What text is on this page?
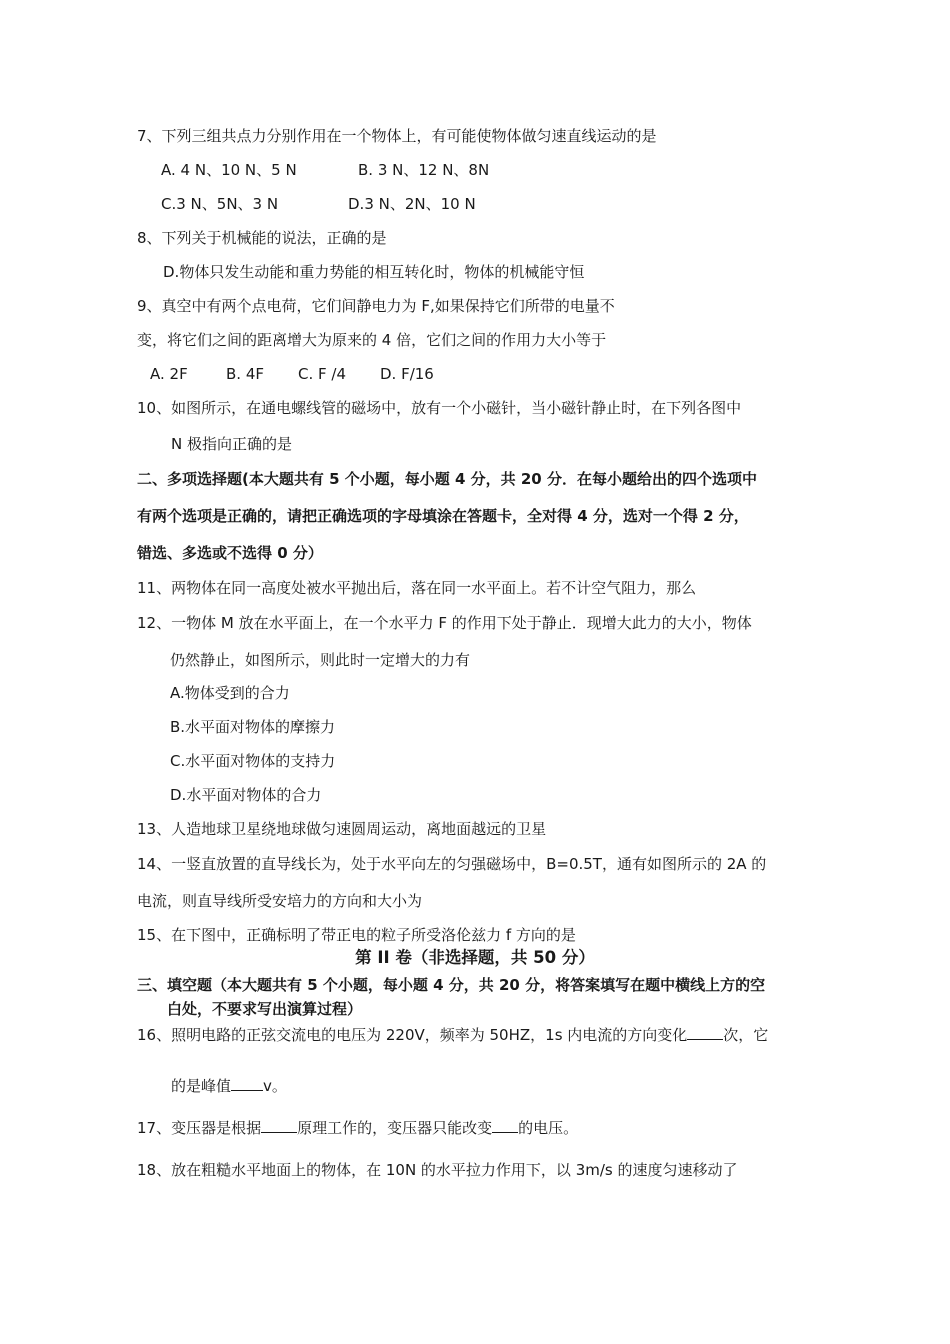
7、下列三组共点力分别作用在一个物体上，有可能使物体做匀速直线运动的是
A. 4 N、10 N、5 N	B. 3 N、12 N、8N
C.3 N、5N、3 N	D.3 N、2N、10 N
8、下列关于机械能的说法，正确的是
D.物体只发生动能和重力势能的相互转化时，物体的机械能守恒
9、真空中有两个点电荷，它们间静电力为 F,如果保持它们所带的电量不
变，将它们之间的距离增大为原来的 4 倍，它们之间的作用力大小等于
A. 2F	B. 4F C. F /4 D. F/16
10、如图所示，在通电螺线管的磁场中，放有一个小磁针，当小磁针静止时，在下列各图中
N 极指向正确的是
二、多项选择题(本大题共有 5 个小题，每小题 4 分，共 20 分．在每小题给出的四个选项中
有两个选项是正确的，请把正确选项的字母填涂在答题卡，全对得 4 分，选对一个得 2 分，
错选、多选或不选得 0 分）
11、两物体在同一高度处被水平抛出后，落在同一水平面上。若不计空气阻力，那么
12、一物体 M 放在水平面上，在一个水平力 F 的作用下处于静止．现增大此力的大小，物体
仍然静止，如图所示，则此时一定增大的力有
A.物体受到的合力
B.水平面对物体的摩擦力
C.水平面对物体的支持力
D.水平面对物体的合力
13、人造地球卫星绕地球做匀速圆周运动，离地面越远的卫星
14、一竖直放置的直导线长为，处于水平向左的匀强磁场中，B=0.5T，通有如图所示的 2A 的
电流，则直导线所受安培力的方向和大小为
15、在下图中，正确标明了带正电的粒子所受洛伦兹力 f 方向的是
第 II 卷（非选择题，共 50 分）
三、填空题（本大题共有 5 个小题，每小题 4 分，共 20 分，将答案填写在题中横线上方的空
白处，不要求写出演算过程）
16、照明电路的正弦交流电的电压为 220V，频率为 50HZ，1s 内电流的方向变化 次，它
的是峰值 v。
17、变压器是根据 原理工作的，变压器只能改变 的电压。
18、放在粗糙水平地面上的物体，在 10N 的水平拉力作用下，以 3m/s 的速度匀速移动了
